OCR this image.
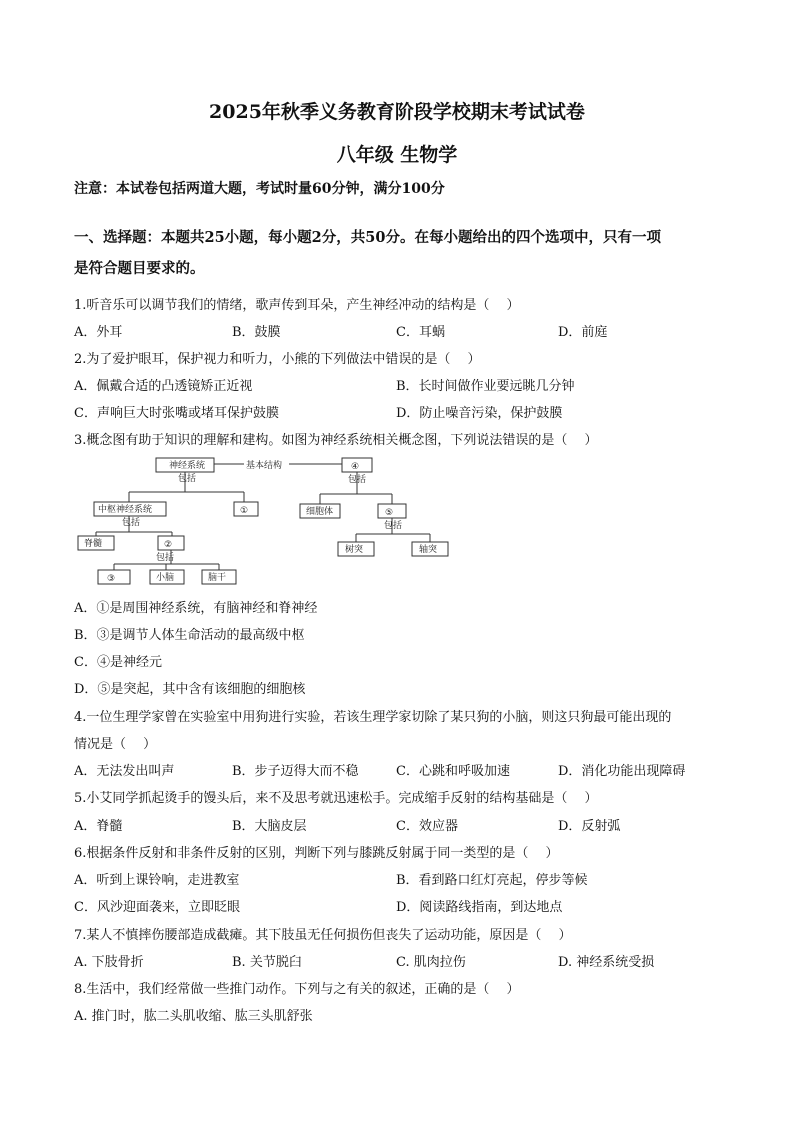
2025年秋季义务教育阶段学校期末考试试卷
八年级 生物学
注意：本试卷包括两道大题，考试时量60分钟，满分100分
一、选择题：本题共25小题，每小题2分，共50分。在每小题给出的四个选项中，只有一项
是符合题目要求的。
1.听音乐可以调节我们的情绪，歌声传到耳朵，产生神经冲动的结构是（　 ）
A．外耳	B．鼓膜	C．耳蜗	D．前庭
2.为了爱护眼耳，保护视力和听力，小熊的下列做法中错误的是（　 ）
A．佩戴合适的凸透镜矫正近视	B．长时间做作业要远眺几分钟
C．声响巨大时张嘴或堵耳保护鼓膜	D．防止噪音污染，保护鼓膜
3.概念图有助于知识的理解和建构。如图为神经系统相关概念图，下列说法错误的是（　 ）
基本结构
神经系统
包括
中枢神经系统	①
包括
脊髓	②
包括
③	小脑	脑干
④
包括
细胞体	⑤
包括
树突	轴突
A．①是周围神经系统，有脑神经和脊神经
B．③是调节人体生命活动的最高级中枢
C．④是神经元
D．⑤是突起，其中含有该细胞的细胞核
4.一位生理学家曾在实验室中用狗进行实验，若该生理学家切除了某只狗的小脑，则这只狗最可能出现的
情况是（　 ）
A．无法发出叫声	B．步子迈得大而不稳	C．心跳和呼吸加速	D．消化功能出现障碍
5.小艾同学抓起烫手的馒头后，来不及思考就迅速松手。完成缩手反射的结构基础是（　 ）
A．脊髓	B．大脑皮层	C．效应器	D．反射弧
6.根据条件反射和非条件反射的区别，判断下列与膝跳反射属于同一类型的是（　 ）
A．听到上课铃响，走进教室	B．看到路口红灯亮起，停步等候
C．风沙迎面袭来，立即眨眼	D．阅读路线指南，到达地点
7.某人不慎摔伤腰部造成截瘫。其下肢虽无任何损伤但丧失了运动功能，原因是（　 ）
A. 下肢骨折	B. 关节脱臼	C. 肌肉拉伤	D. 神经系统受损
8.生活中，我们经常做一些推门动作。下列与之有关的叙述，正确的是（　 ）
A. 推门时，肱二头肌收缩、肱三头肌舒张
